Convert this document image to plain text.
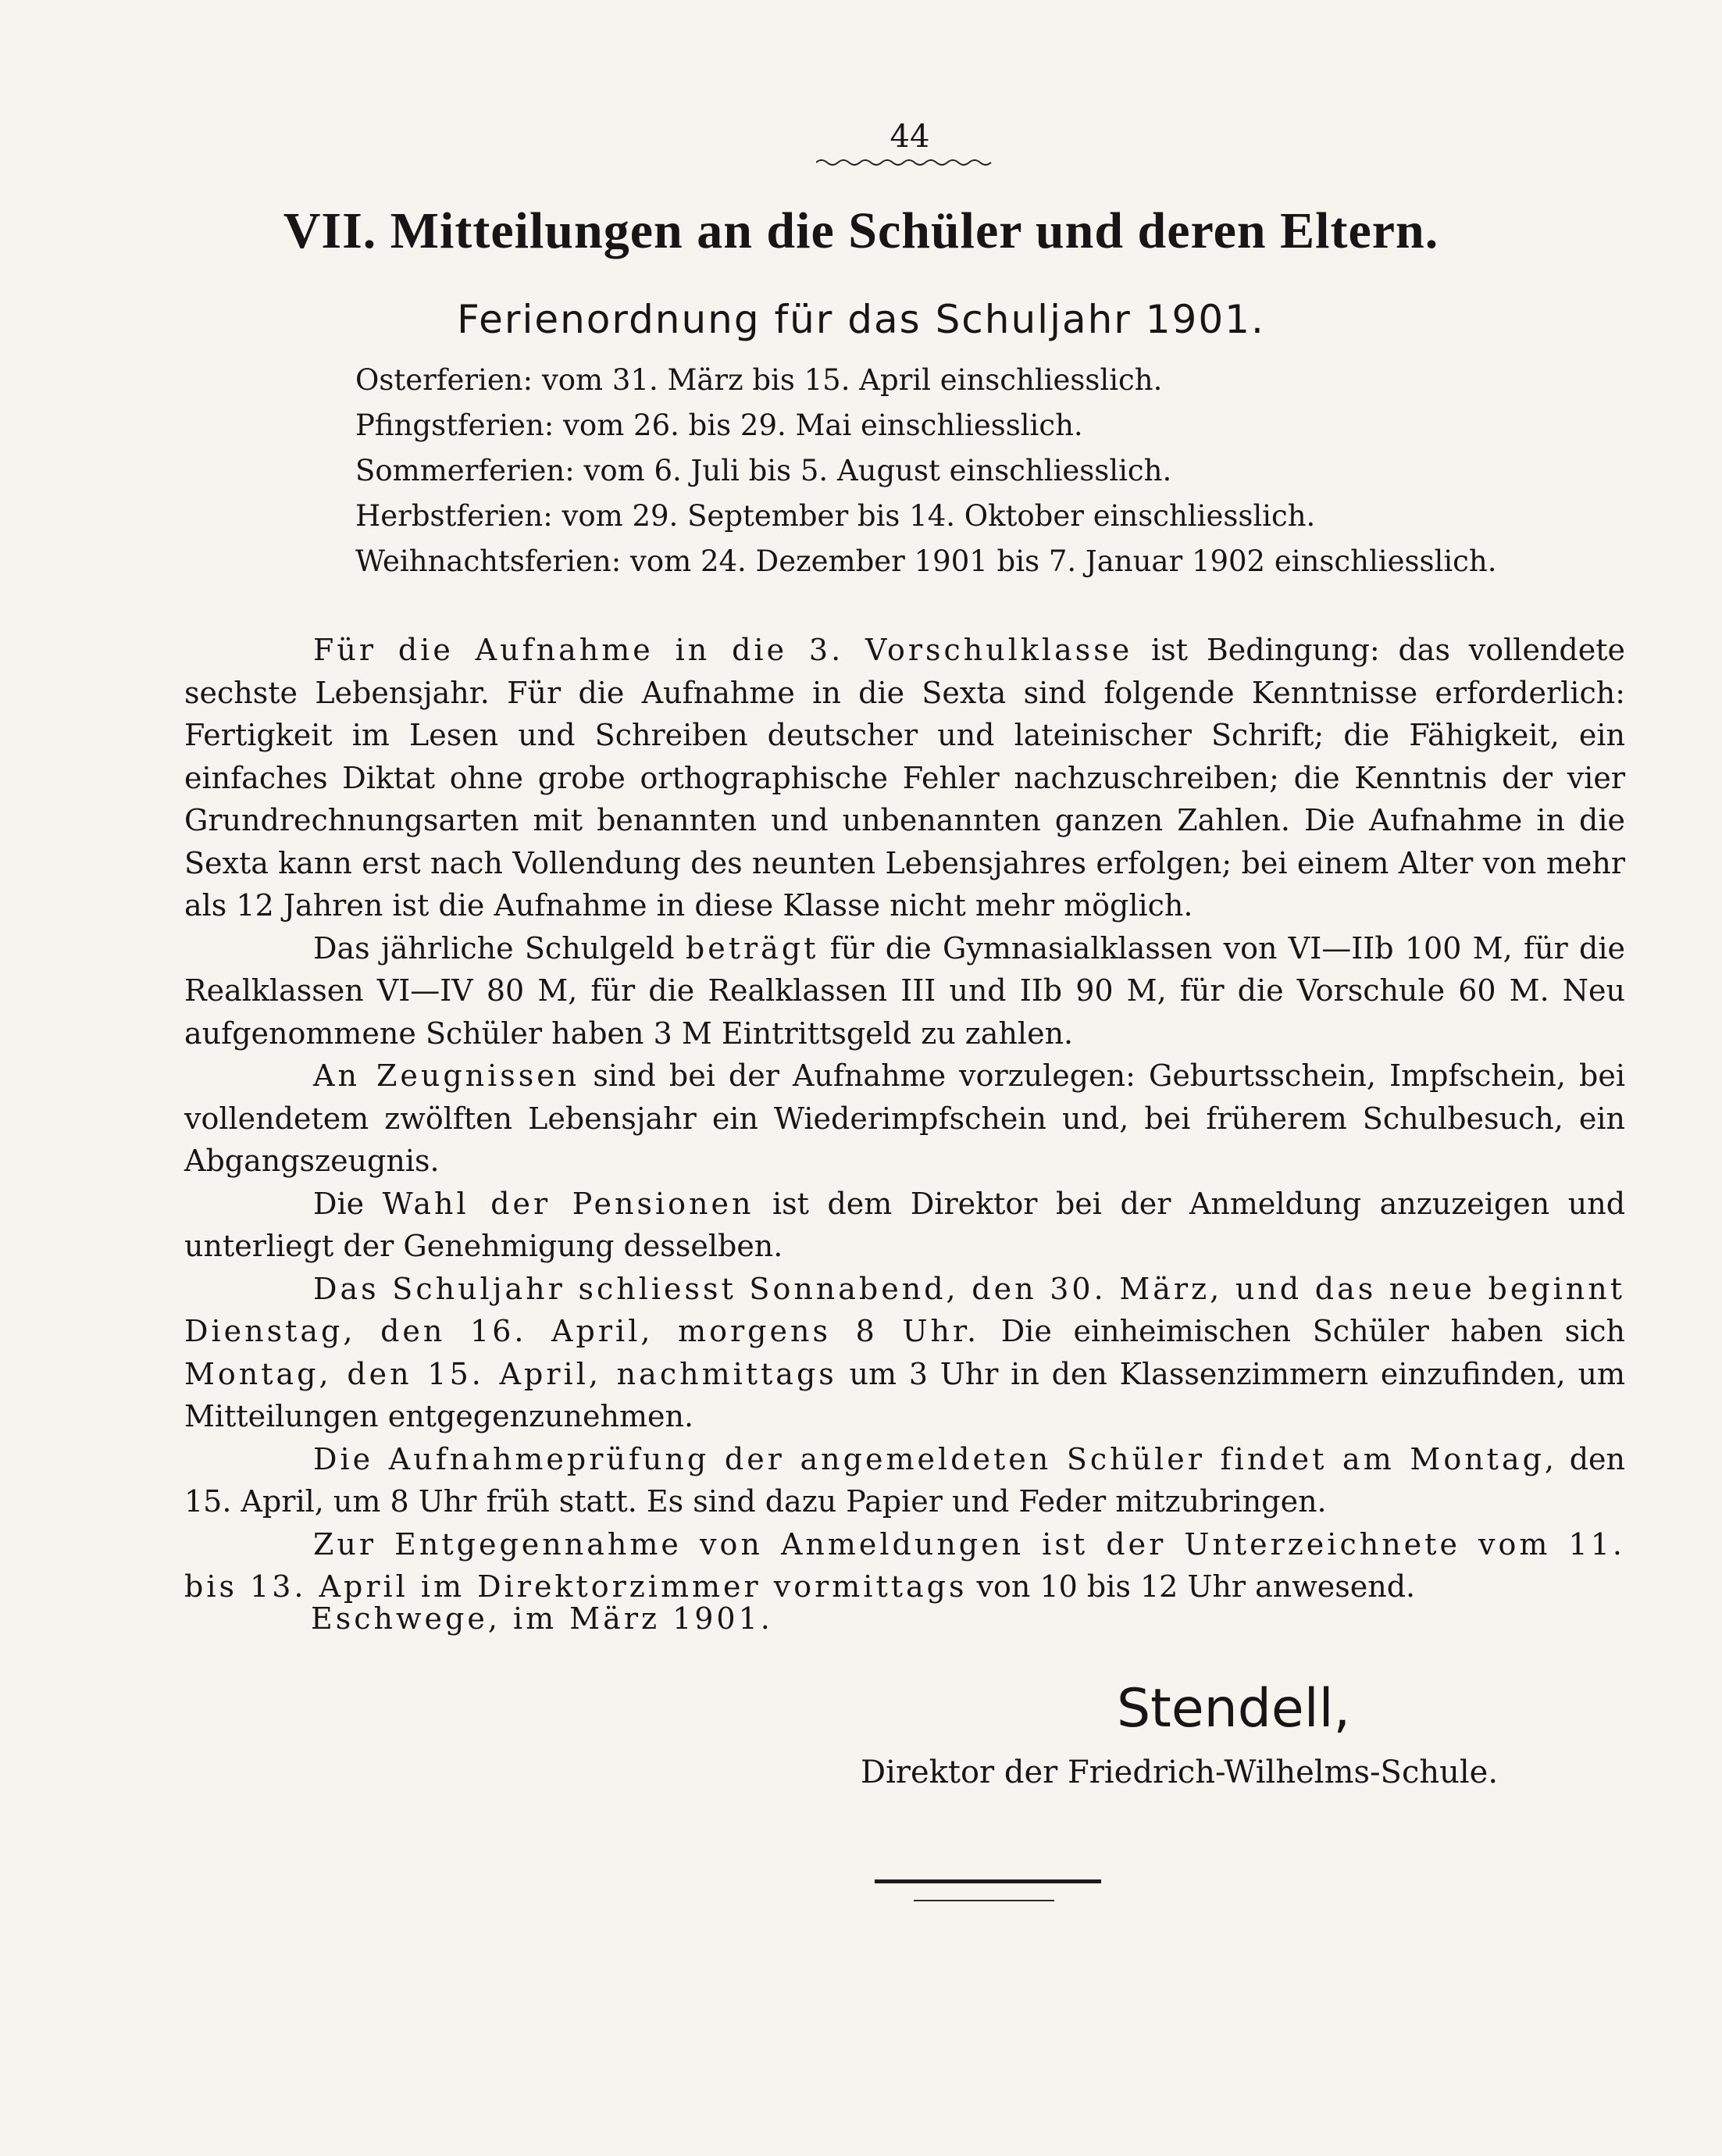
44
VII. Mitteilungen an die Schüler und deren Eltern.
Ferienordnung für das Schuljahr 1901.
Osterferien: vom 31. März bis 15. April einschliesslich.
Pfingstferien: vom 26. bis 29. Mai einschliesslich.
Sommerferien: vom 6. Juli bis 5. August einschliesslich.
Herbstferien: vom 29. September bis 14. Oktober einschliesslich.
Weihnachtsferien: vom 24. Dezember 1901 bis 7. Januar 1902 einschliesslich.

Für die Aufnahme in die 3. Vorschulklasse ist Bedingung: das vollendete sechste Lebensjahr. Für die Aufnahme in die Sexta sind folgende Kenntnisse erforderlich: Fertigkeit im Lesen und Schreiben deutscher und lateinischer Schrift; die Fähigkeit, ein einfaches Diktat ohne grobe orthographische Fehler nachzuschreiben; die Kenntnis der vier Grundrechnungsarten mit benannten und unbenannten ganzen Zahlen. Die Aufnahme in die Sexta kann erst nach Vollendung des neunten Lebensjahres erfolgen; bei einem Alter von mehr als 12 Jahren ist die Aufnahme in diese Klasse nicht mehr möglich.

Das jährliche Schulgeld beträgt für die Gymnasialklassen von VI—IIb 100 M, für die Realklassen VI—IV 80 M, für die Realklassen III und IIb 90 M, für die Vorschule 60 M. Neu aufgenommene Schüler haben 3 M Eintrittsgeld zu zahlen.

An Zeugnissen sind bei der Aufnahme vorzulegen: Geburtsschein, Impfschein, bei vollendetem zwölften Lebensjahr ein Wiederimpfschein und, bei früherem Schulbesuch, ein Abgangszeugnis.

Die Wahl der Pensionen ist dem Direktor bei der Anmeldung anzuzeigen und unterliegt der Genehmigung desselben.

Das Schuljahr schliesst Sonnabend, den 30. März, und das neue beginnt Dienstag, den 16. April, morgens 8 Uhr. Die einheimischen Schüler haben sich Montag, den 15. April, nachmittags um 3 Uhr in den Klassenzimmern einzufinden, um Mitteilungen entgegenzunehmen.

Die Aufnahmeprüfung der angemeldeten Schüler findet am Montag, den 15. April, um 8 Uhr früh statt. Es sind dazu Papier und Feder mitzubringen.

Zur Entgegennahme von Anmeldungen ist der Unterzeichnete vom 11. bis 13. April im Direktorzimmer vormittags von 10 bis 12 Uhr anwesend.

Eschwege, im März 1901.
Stendell,
Direktor der Friedrich-Wilhelms-Schule.
